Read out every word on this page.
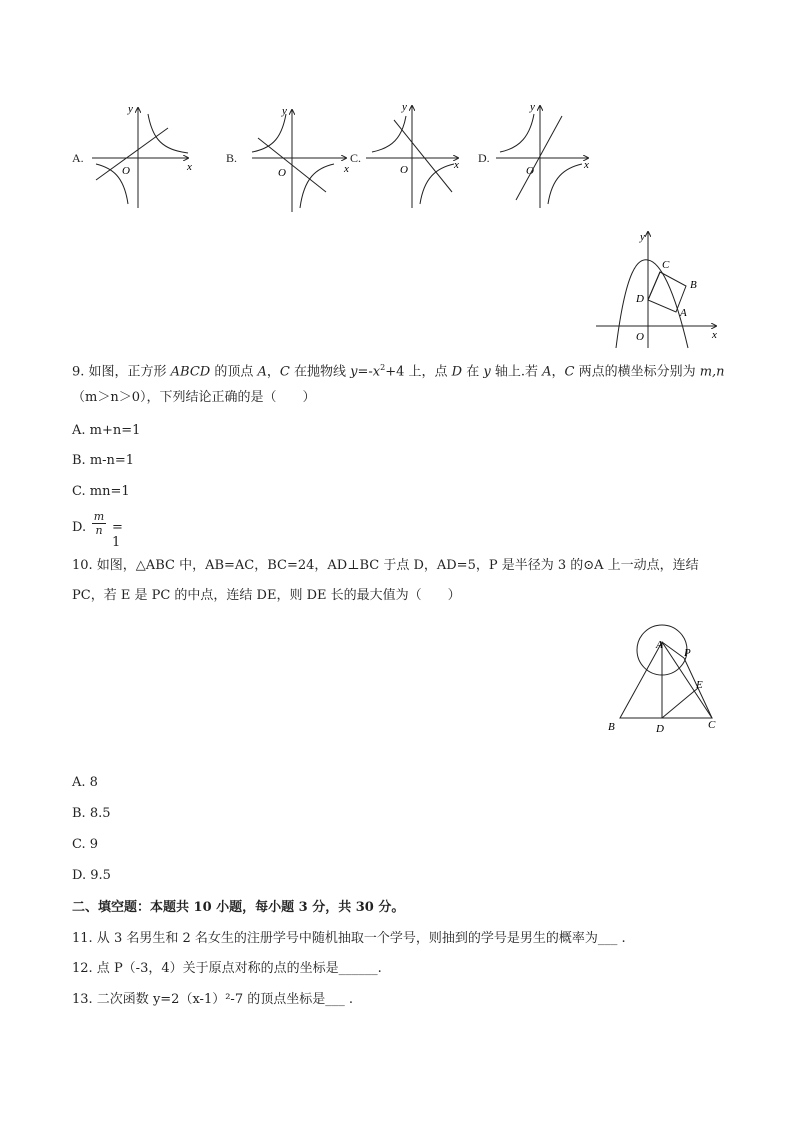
A.
x
y
O
B.
x
y
O
C.	x
y
O
D.	x
y
O
y
x
O
C
B
D
A
9. 如图，正方形 ABCD 的顶点 A，C 在抛物线 $y=-x^2+4$ 上，点 D 在 y 轴上.若 A，C 两点的横坐标分别为 m,n
（m＞n＞0），下列结论正确的是（　　）
A. m+n=1
B. m-n=1
C. mn=1
D. $\frac{m}{n} = 1$
10. 如图，△ABC 中，AB=AC，BC=24，AD⊥BC 于点 D，AD=5，P 是半径为 3 的⊙A 上一动点，连结
PC，若 E 是 PC 的中点，连结 DE，则 DE 长的最大值为（　　）
A
P
E
B	D	C
A. 8
B. 8.5
C. 9
D. 9.5
二、填空题：本题共 10 小题，每小题 3 分，共 30 分。
11. 从 3 名男生和 2 名女生的注册学号中随机抽取一个学号，则抽到的学号是男生的概率为___ .
12. 点 P（-3，4）关于原点对称的点的坐标是______.
13. 二次函数 y=2（x-1）²-7 的顶点坐标是___ .
